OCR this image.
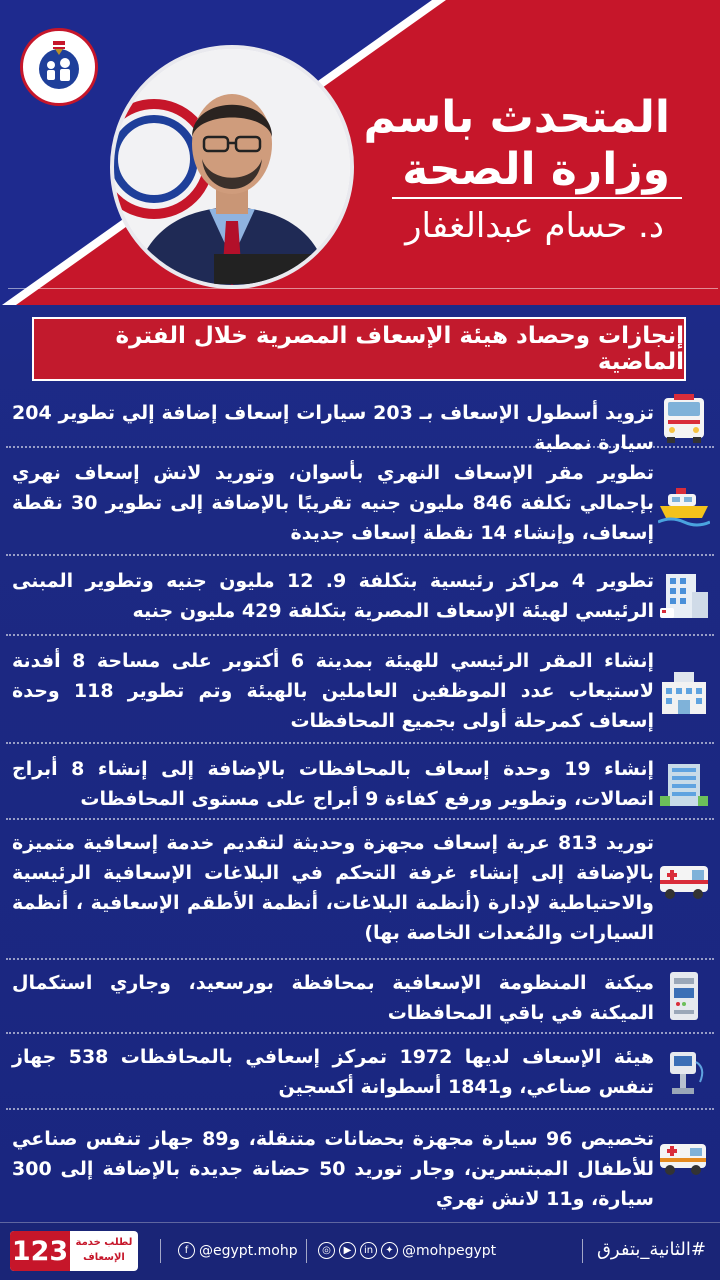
المتحدث باسم
وزارة الصحة
د. حسام عبدالغفار
إنجازات وحصاد هيئة الإسعاف المصرية خلال الفترة الماضية
تزويد أسطول الإسعاف بـ 203 سيارات إسعاف إضافة إلي تطوير 204 سيارة نمطية
تطوير مقر الإسعاف النهري بأسوان، وتوريد لانش إسعاف نهري بإجمالي تكلفة 846 مليون جنيه تقريبًا بالإضافة إلى تطوير 30 نقطة إسعاف، وإنشاء 14 نقطة إسعاف جديدة
تطوير 4 مراكز رئيسية بتكلفة 9. 12 مليون جنيه وتطوير المبنى الرئيسي لهيئة الإسعاف المصرية بتكلفة 429 مليون جنيه
إنشاء المقر الرئيسي للهيئة بمدينة 6 أكتوبر على مساحة 8 أفدنة لاستيعاب عدد الموظفين العاملين بالهيئة وتم تطوير 118 وحدة إسعاف كمرحلة أولى بجميع المحافظات
إنشاء 19 وحدة إسعاف بالمحافظات بالإضافة إلى إنشاء 8 أبراج اتصالات، وتطوير ورفع كفاءة 9 أبراج على مستوى المحافظات
توريد 813 عربة إسعاف مجهزة وحديثة لتقديم خدمة إسعافية متميزة بالإضافة إلى إنشاء غرفة التحكم في البلاغات الإسعافية الرئيسية والاحتياطية لإدارة (أنظمة البلاغات، أنظمة الأطقم الإسعافية ، أنظمة السيارات والمُعدات الخاصة بها)
ميكنة المنظومة الإسعافية بمحافظة بورسعيد، وجاري استكمال الميكنة في باقي المحافظات
هيئة الإسعاف لديها 1972 تمركز إسعافي بالمحافظات 538 جهاز تنفس صناعي، و1841 أسطوانة أكسجين
تخصيص 96 سيارة مجهزة بحضانات متنقلة، و89 جهاز تنفس صناعي للأطفال المبتسرين، وجار توريد 50 حضانة جديدة بالإضافة إلى 300 سيارة، و11 لانش نهري
#الثانية_بتفرق
◎	▶	in	✦ @mohpegypt
f @egypt.mohp
123 لطلب خدمة الإسعاف
